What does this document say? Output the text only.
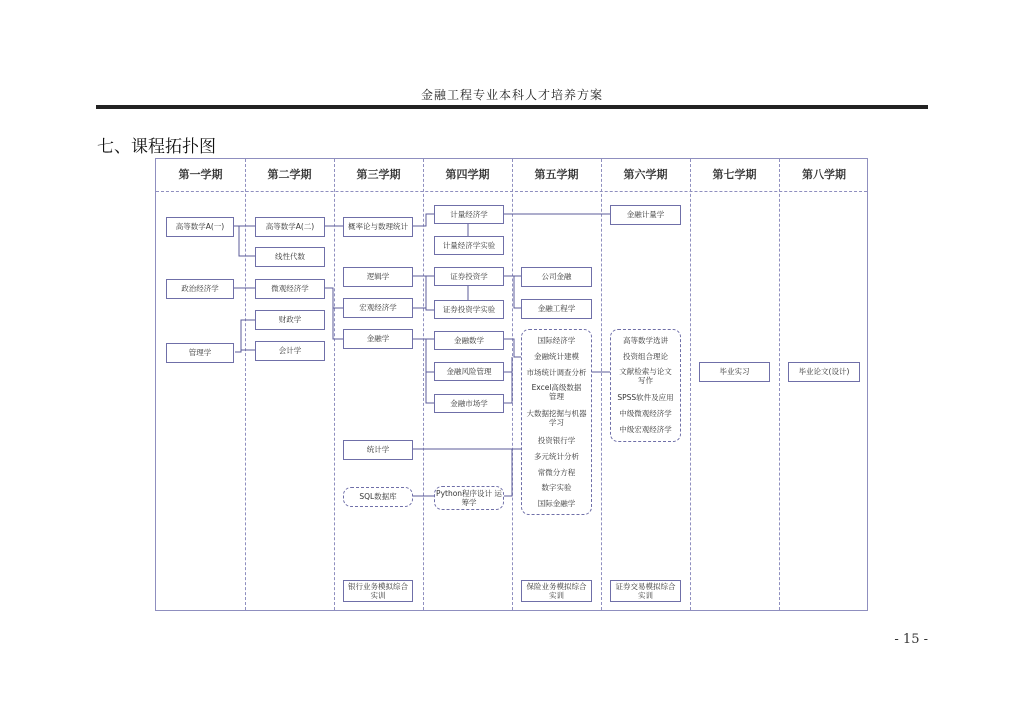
金融工程专业本科人才培养方案
七、课程拓扑图
第一学期	第二学期	第三学期	第四学期	第五学期	第六学期	第七学期	第八学期
高等数学A(一)
政治经济学
管理学
高等数学A(二)
线性代数
微观经济学
财政学
会计学
概率论与数理统计
逻辑学
宏观经济学
金融学
统计学
SQL数据库
银行业务模拟综合实训
计量经济学
计量经济学实验
证券投资学
证券投资学实验
金融数学
金融风险管理
金融市场学
Python程序设计 运筹学
公司金融
金融工程学
国际经济学
金融统计建模
市场统计调查分析
Excel高级数据管理
大数据挖掘与机器学习
投资银行学
多元统计分析
常微分方程
数字实验
国际金融学
保险业务模拟综合实训
金融计量学
高等数学选讲
投资组合理论
文献检索与论文写作
SPSS软件及应用
中级微观经济学
中级宏观经济学
证券交易模拟综合实训
毕业实习	毕业论文(设计)
- 15 -
